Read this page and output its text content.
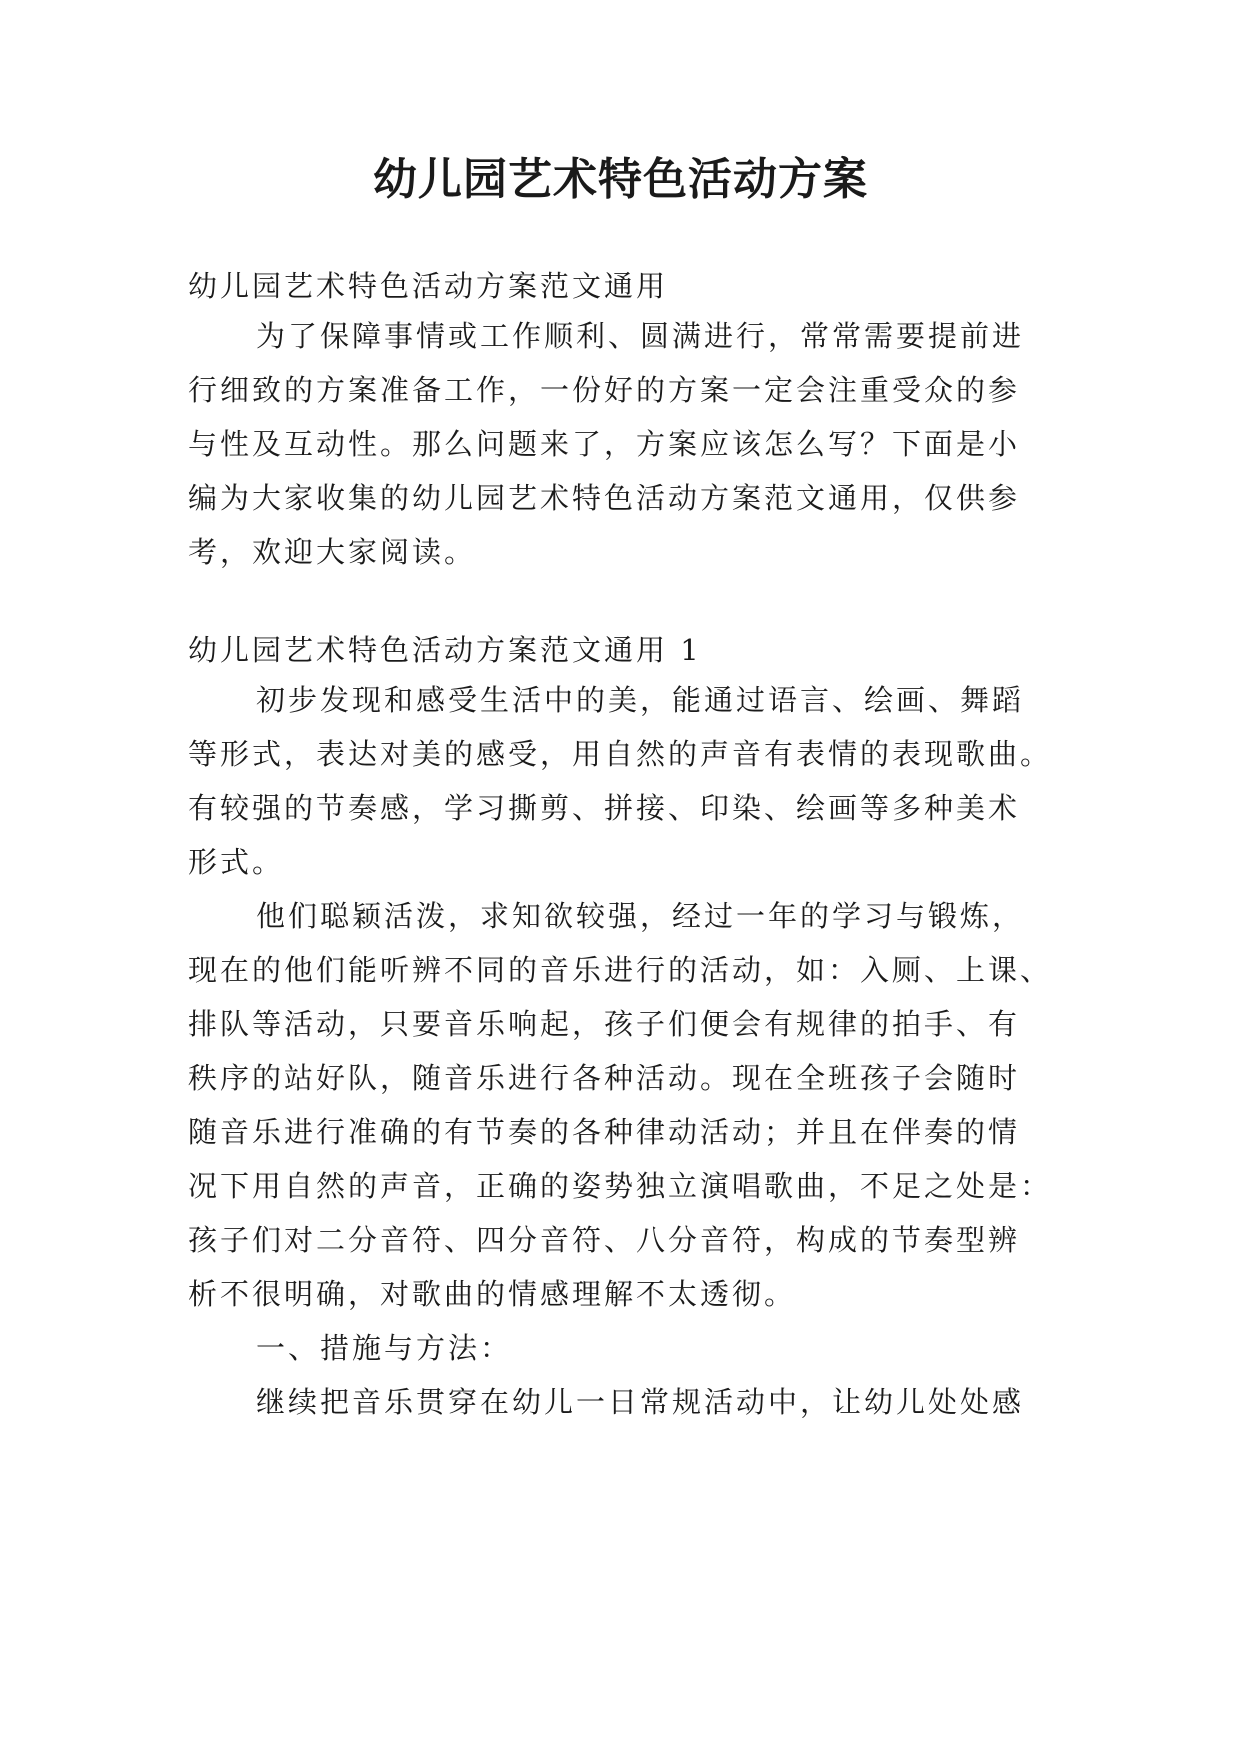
幼儿园艺术特色活动方案
幼儿园艺术特色活动方案范文通用
为了保障事情或工作顺利、圆满进行，常常需要提前进
行细致的方案准备工作，一份好的方案一定会注重受众的参
与性及互动性。那么问题来了，方案应该怎么写？下面是小
编为大家收集的幼儿园艺术特色活动方案范文通用，仅供参
考，欢迎大家阅读。
幼儿园艺术特色活动方案范文通用 1
初步发现和感受生活中的美，能通过语言、绘画、舞蹈
等形式，表达对美的感受，用自然的声音有表情的表现歌曲。
有较强的节奏感，学习撕剪、拼接、印染、绘画等多种美术
形式。
他们聪颖活泼，求知欲较强，经过一年的学习与锻炼，
现在的他们能听辨不同的音乐进行的活动，如：入厕、上课、
排队等活动，只要音乐响起，孩子们便会有规律的拍手、有
秩序的站好队，随音乐进行各种活动。现在全班孩子会随时
随音乐进行准确的有节奏的各种律动活动；并且在伴奏的情
况下用自然的声音，正确的姿势独立演唱歌曲，不足之处是：
孩子们对二分音符、四分音符、八分音符，构成的节奏型辨
析不很明确，对歌曲的情感理解不太透彻。
一、措施与方法：
继续把音乐贯穿在幼儿一日常规活动中，让幼儿处处感
